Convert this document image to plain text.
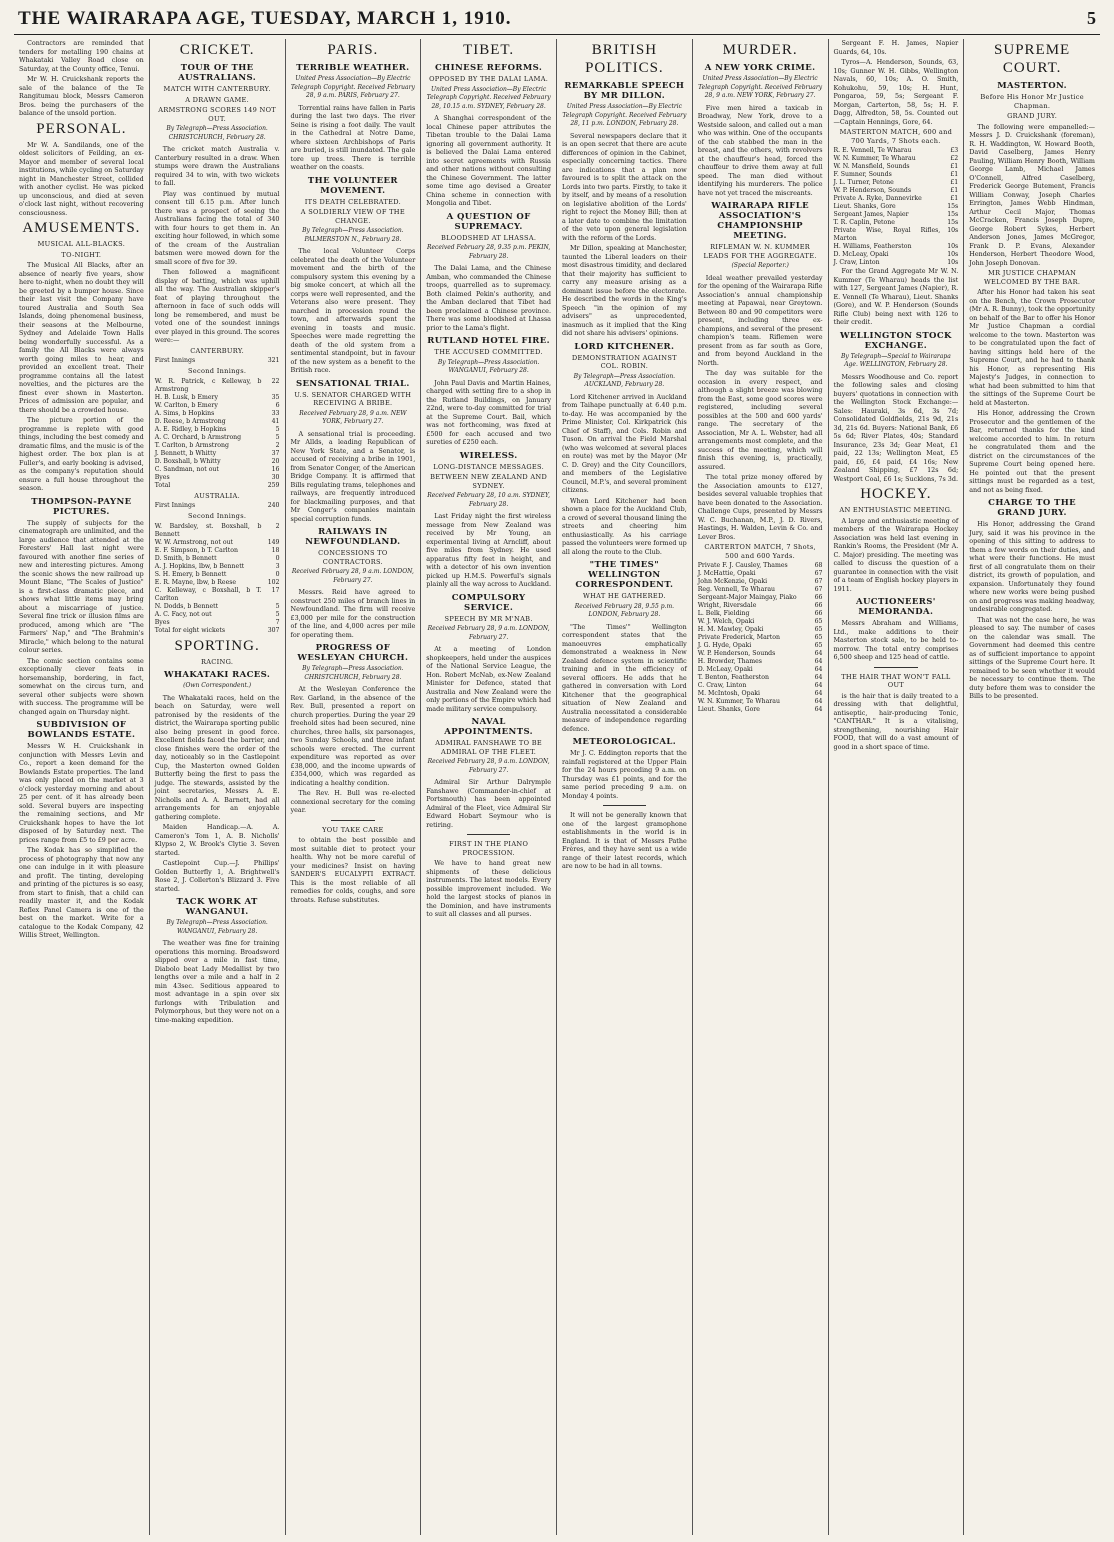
THE WAIRARAPA AGE, TUESDAY, MARCH 1, 1910.	5

Contractors are reminded that tenders for metalling 190 chains at Whakataki Valley Road close on Saturday, at the County office, Tenui.

Mr W. H. Cruickshank reports the sale of the balance of the Te Rangitumau block, Messrs Cameron Bros. being the purchasers of the balance of the unsold portion.

PERSONAL.

Mr W. A. Sandilands, one of the oldest solicitors of Feilding, an ex-Mayor and member of several local institutions, while cycling on Saturday night in Manchester Street, collided with another cyclist. He was picked up unconscious, and died at seven o'clock last night, without recovering consciousness.

AMUSEMENTS.
MUSICAL ALL-BLACKS.
TO-NIGHT.

The Musical All Blacks, after an absence of nearly five years, show here to-night, when no doubt they will be greeted by a bumper house. Since their last visit the Company have toured Australia and South Sea Islands, doing phenomenal business, their seasons at the Melbourne, Sydney and Adelaide Town Halls being wonderfully successful. As a family the All Blacks were always worth going miles to hear, and provided an excellent treat. Their programme contains all the latest novelties, and the pictures are the finest ever shown in Masterton. Prices of admission are popular, and there should be a crowded house.

The picture portion of the programme is replete with good things, including the best comedy and dramatic films, and the music is of the highest order. The box plan is at Fuller's, and early booking is advised, as the company's reputation should ensure a full house throughout the season.

THOMPSON-PAYNE PICTURES.

The supply of subjects for the cinematograph are unlimited, and the large audience that attended at the Foresters' Hall last night were favoured with another fine series of new and interesting pictures. Among the scenic shows the new railroad up Mount Blanc, "The Scales of Justice" is a first-class dramatic piece, and shows what little items may bring about a miscarriage of justice. Several fine trick or illusion films are produced, among which are "The Farmers' Nap," and "The Brahmin's Miracle," which belong to the natural colour series.

The comic section contains some exceptionally clever feats in horsemanship, bordering, in fact, somewhat on the circus turn, and several other subjects were shown with success. The programme will be changed again on Thursday night.

SUBDIVISION OF BOWLANDS ESTATE.

Messrs W. H. Cruickshank in conjunction with Messrs Levin and Co., report a keen demand for the Bowlands Estate properties. The land was only placed on the market at 3 o'clock yesterday morning and about 25 per cent. of it has already been sold. Several buyers are inspecting the remaining sections, and Mr Cruickshank hopes to have the lot disposed of by Saturday next. The prices range from £5 to £9 per acre.

The Kodak has so simplified the process of photography that now any one can indulge in it with pleasure and profit. The tinting, developing and printing of the pictures is so easy, from start to finish, that a child can readily master it, and the Kodak Reflex Panel Camera is one of the best on the market. Write for a catalogue to the Kodak Company, 42 Willis Street, Wellington.

CRICKET.
TOUR OF THE AUSTRALIANS.
MATCH WITH CANTERBURY.
A DRAWN GAME.
ARMSTRONG SCORES 149 NOT OUT.
By Telegraph—Press Association. CHRISTCHURCH, February 28.

The cricket match Australia v. Canterbury resulted in a draw. When stumps were drawn the Australians required 34 to win, with two wickets to fall.

Play was continued by mutual consent till 6.15 p.m. After lunch there was a prospect of seeing the Australians facing the total of 340 with four hours to get them in. An exciting hour followed, in which some of the cream of the Australian batsmen were mowed down for the small score of five for 39.

Then followed a magnificent display of batting, which was uphill all the way. The Australian skipper's feat of playing throughout the afternoon in face of such odds will long be remembered, and must be voted one of the soundest innings ever played in this ground. The scores were:—

CANTERBURY.
First Innings	321
Second Innings.
W. R. Patrick, c Kelleway, b Armstrong
22
H. B. Lusk, b Emery	35
W. Carlton, b Emery	6
A. Sims, b Hopkins	33
D. Reese, b Armstrong	41
A. E. Ridley, b Hopkins	5
A. C. Orchard, b Armstrong	5
T. Carlton, b Armstrong	2
J. Bennett, b Whitty	37
D. Boxshall, b Whitty	20
C. Sandman, not out	16
Byes	30
Total	259
AUSTRALIA.
First Innings	240
Second Innings.
W. Bardsley, st. Boxshall, b Bennett
2
W. W. Armstrong, not out	149
E. F. Simpson, b T. Carlton	18
D. Smith, b Bennett	0
A. J. Hopkins, lbw, b Bennett	3
S. H. Emery, b Bennett	0
E. R. Mayne, lbw, b Reese	102
C. Kelleway, c Boxshall, b T. Carlton
17
N. Dodds, b Bennett	5
A. C. Facy, not out	5
Byes	7
Total for eight wickets	307
SPORTING.
RACING.
WHAKATAKI RACES.
(Own Correspondent.)

The Whakataki races, held on the beach on Saturday, were well patronised by the residents of the district, the Wairarapa sporting public also being present in good force. Excellent fields faced the barrier, and close finishes were the order of the day, noticeably so in the Castlepoint Cup, the Masterton owned Golden Butterfly being the first to pass the judge. The stewards, assisted by the joint secretaries, Messrs A. E. Nicholls and A. A. Barnett, had all arrangements for an enjoyable gathering complete.

Maiden Handicap.—A. A. Cameron's Tom 1, A. B. Nicholls' Klypso 2, W. Brook's Clytie 3. Seven started.

Castlepoint Cup.—J. Phillips' Golden Butterfly 1, A. Brightwell's Rose 2, J. Collerton's Blizzard 3. Five started.

TACK WORK AT WANGANUI.
By Telegraph—Press Association. WANGANUI, February 28.

The weather was fine for training operations this morning. Broadsword slipped over a mile in fast time, Diabolo beat Lady Medallist by two lengths over a mile and a half in 2 min 43sec. Seditious appeared to most advantage in a spin over six furlongs with Tribulation and Polymorphous, but they were not on a time-making expedition.

PARIS.
TERRIBLE WEATHER.
United Press Association—By Electric Telegraph Copyright. Received February 28, 9 a.m. PARIS, February 27.

Torrential rains have fallen in Paris during the last two days. The river Seine is rising a foot daily. The vault in the Cathedral at Notre Dame, where sixteen Archbishops of Paris are buried, is still inundated. The gale tore up trees. There is terrible weather on the coasts.

THE VOLUNTEER MOVEMENT.
ITS DEATH CELEBRATED.
A SOLDIERLY VIEW OF THE CHANGE.
By Telegraph—Press Association. PALMERSTON N., February 28.

The local Volunteer Corps celebrated the death of the Volunteer movement and the birth of the compulsory system this evening by a big smoke concert, at which all the corps were well represented, and the Veterans also were present. They marched in procession round the town, and afterwards spent the evening in toasts and music. Speeches were made regretting the death of the old system from a sentimental standpoint, but in favour of the new system as a benefit to the British race.

SENSATIONAL TRIAL.
U.S. SENATOR CHARGED WITH RECEIVING A BRIBE.
Received February 28, 9 a.m. NEW YORK, February 27.

A sensational trial is proceeding. Mr Allds, a leading Republican of New York State, and a Senator, is accused of receiving a bribe in 1901, from Senator Conger, of the American Bridge Company. It is affirmed that Bills regulating trams, telephones and railways, are frequently introduced for blackmailing purposes, and that Mr Conger's companies maintain special corruption funds.

RAILWAYS IN NEWFOUNDLAND.
CONCESSIONS TO CONTRACTORS.
Received February 28, 9 a.m. LONDON, February 27.

Messrs. Reid have agreed to construct 250 miles of branch lines in Newfoundland. The firm will receive £3,000 per mile for the construction of the line, and 4,000 acres per mile for operating them.

PROGRESS OF WESLEYAN CHURCH.
By Telegraph—Press Association. CHRISTCHURCH, February 28.

At the Wesleyan Conference the Rev. Garland, in the absence of the Rev. Bull, presented a report on church properties. During the year 29 freehold sites had been secured, nine churches, three halls, six parsonages, two Sunday Schools, and three infant schools were erected. The current expenditure was reported as over £38,000, and the income upwards of £354,000, which was regarded as indicating a healthy condition.

The Rev. H. Bull was re-elected connexional secretary for the coming year.

YOU TAKE CARE

to obtain the best possible and most suitable diet to protect your health. Why not be more careful of your medicines? Insist on having SANDER'S EUCALYPTI EXTRACT. This is the most reliable of all remedies for colds, coughs, and sore throats. Refuse substitutes.

TIBET.
CHINESE REFORMS.
OPPOSED BY THE DALAI LAMA.
United Press Association—By Electric Telegraph Copyright. Received February 28, 10.15 a.m. SYDNEY, February 28.

A Shanghai correspondent of the local Chinese paper attributes the Tibetan trouble to the Dalai Lama ignoring all government authority. It is believed the Dalai Lama entered into secret agreements with Russia and other nations without consulting the Chinese Government. The latter some time ago devised a Greater China scheme in connection with Mongolia and Tibet.

A QUESTION OF SUPREMACY.
BLOODSHED AT LHASSA.
Received February 28, 9.35 p.m. PEKIN, February 28.

The Dalai Lama, and the Chinese Amban, who commanded the Chinese troops, quarrelled as to supremacy. Both claimed Pekin's authority, and the Amban declared that Tibet had been proclaimed a Chinese province. There was some bloodshed at Lhassa prior to the Lama's flight.

RUTLAND HOTEL FIRE.
THE ACCUSED COMMITTED.
By Telegraph—Press Association. WANGANUI, February 28.

John Paul Davis and Martin Haines, charged with setting fire to a shop in the Rutland Buildings, on January 22nd, were to-day committed for trial at the Supreme Court. Bail, which was not forthcoming, was fixed at £500 for each accused and two sureties of £250 each.

WIRELESS.
LONG-DISTANCE MESSAGES.
BETWEEN NEW ZEALAND AND SYDNEY.
Received February 28, 10 a.m. SYDNEY, February 28.

Last Friday night the first wireless message from New Zealand was received by Mr Young, an experimental living at Arncliff, about five miles from Sydney. He used apparatus fifty feet in height, and with a detector of his own invention picked up H.M.S. Powerful's signals plainly all the way across to Auckland.

COMPULSORY SERVICE.
SPEECH BY MR M'NAB.
Received February 28, 9 a.m. LONDON, February 27.

At a meeting of London shopkeepers, held under the auspices of the National Service League, the Hon. Robert McNab, ex-New Zealand Minister for Defence, stated that Australia and New Zealand were the only portions of the Empire which had made military service compulsory.

NAVAL APPOINTMENTS.
ADMIRAL FANSHAWE TO BE ADMIRAL OF THE FLEET.
Received February 28, 9 a.m. LONDON, February 27.

Admiral Sir Arthur Dalrymple Fanshawe (Commander-in-chief at Portsmouth) has been appointed Admiral of the Fleet, vice Admiral Sir Edward Hobart Seymour who is retiring.

FIRST IN THE PIANO PROCESSION.

We have to hand great new shipments of these delicious instruments. The latest models. Every possible improvement included. We hold the largest stocks of pianos in the Dominion, and have instruments to suit all classes and all purses.

BRITISH POLITICS.
REMARKABLE SPEECH BY MR DILLON.
United Press Association—By Electric Telegraph Copyright. Received February 28, 11 p.m. LONDON, February 28.

Several newspapers declare that it is an open secret that there are acute differences of opinion in the Cabinet, especially concerning tactics. There are indications that a plan now favoured is to split the attack on the Lords into two parts. Firstly, to take it by itself, and by means of a resolution on legislative abolition of the Lords' right to reject the Money Bill; then at a later date to combine the limitation of the veto upon general legislation with the reform of the Lords.

Mr Dillon, speaking at Manchester, taunted the Liberal leaders on their most disastrous timidity, and declared that their majority has sufficient to carry any measure arising as a dominant issue before the electorate. He described the words in the King's Speech "in the opinion of my advisers" as unprecedented, inasmuch as it implied that the King did not share his advisers' opinions.

LORD KITCHENER.
DEMONSTRATION AGAINST COL. ROBIN.
By Telegraph—Press Association. AUCKLAND, February 28.

Lord Kitchener arrived in Auckland from Taihape punctually at 6.40 p.m. to-day. He was accompanied by the Prime Minister, Col. Kirkpatrick (his Chief of Staff), and Cols. Robin and Tuson. On arrival the Field Marshal (who was welcomed at several places en route) was met by the Mayor (Mr C. D. Grey) and the City Councillors, and members of the Legislative Council, M.P.'s, and several prominent citizens.

When Lord Kitchener had been shown a place for the Auckland Club, a crowd of several thousand lining the streets and cheering him enthusiastically. As his carriage passed the volunteers were formed up all along the route to the Club.

"THE TIMES" WELLINGTON CORRESPONDENT.
WHAT HE GATHERED.
Received February 28, 9.55 p.m. LONDON, February 28.

"The Times'" Wellington correspondent states that the manoeuvres emphatically demonstrated a weakness in New Zealand defence system in scientific training and in the efficiency of several officers. He adds that he gathered in conversation with Lord Kitchener that the geographical situation of New Zealand and Australia necessitated a considerable measure of independence regarding defence.

METEOROLOGICAL.

Mr J. C. Eddington reports that the rainfall registered at the Upper Plain for the 24 hours preceding 9 a.m. on Thursday was £1 points, and for the same period preceding 9 a.m. on Monday 4 points.

It will not be generally known that one of the largest gramophone establishments in the world is in England. It is that of Messrs Pathe Frères, and they have sent us a wide range of their latest records, which are now to be had in all towns.

MURDER.
A NEW YORK CRIME.
United Press Association—By Electric Telegraph Copyright. Received February 28, 9 a.m. NEW YORK, February 27.

Five men hired a taxicab in Broadway, New York, drove to a Westside saloon, and called out a man who was within. One of the occupants of the cab stabbed the man in the breast, and the others, with revolvers at the chauffeur's head, forced the chauffeur to drive them away at full speed. The man died without identifying his murderers. The police have not yet traced the miscreants.

WAIRARAPA RIFLE ASSOCIATION'S CHAMPIONSHIP MEETING.
RIFLEMAN W. N. KUMMER LEADS FOR THE AGGREGATE.
(Special Reporter.)

Ideal weather prevailed yesterday for the opening of the Wairarapa Rifle Association's annual championship meeting at Papawai, near Greytown. Between 80 and 90 competitors were present, including three ex-champions, and several of the present champion's team. Riflemen were present from as far south as Gore, and from beyond Auckland in the North.

The day was suitable for the occasion in every respect, and although a slight breeze was blowing from the East, some good scores were registered, including several possibles at the 500 and 600 yards' range. The secretary of the Association, Mr A. L. Webster, had all arrangements most complete, and the success of the meeting, which will finish this evening, is, practically, assured.

The total prize money offered by the Association amounts to £127, besides several valuable trophies that have been donated to the Association. Challenge Cups, presented by Messrs W. C. Buchanan, M.P., J. D. Rivers, Hastings, H. Walden, Levin & Co. and Lever Bros.

CARTERTON MATCH, 7 Shots, 500 and 600 Yards.
Private F. J. Causley, Thames	68
J. McHattie, Opaki	67
John McKenzie, Opaki	67
Reg. Vennell, Te Wharau	67
Sergeant-Major Maingay, Piako	66
Wright, Riversdale	66
L. Belk, Fielding	66
W. J. Welch, Opaki	65
H. M. Mawley, Opaki	65
Private Frederick, Marton	65
J. G. Hyde, Opaki	65
W. P. Henderson, Sounds	64
H. Browder, Thames	64
D. McLeay, Opaki	64
T. Benton, Featherston	64
C. Craw, Linton	64
M. McIntosh, Opaki	64
W. N. Kummer, Te Wharau	64
Lieut. Shanks, Gore	64

Sergeant F. H. James, Napier Guards, 64, 10s.

Tyros—A. Henderson, Sounds, 63, 10s; Gunner W. H. Gibbs, Wellington Navals, 60, 10s; A. O. Smith, Kohukohu, 59, 10s; H. Hunt, Pongaroa, 59, 5s; Sergeant F. Morgan, Carterton, 58, 5s; H. F. Dagg, Alfredton, 58, 5s. Counted out—Captain Hennings, Gore, 64.

MASTERTON MATCH, 600 and 700 Yards, 7 Shots each.
R. E. Vennell, Te Wharau	£3
W. N. Kummer, Te Wharau	£2
W. N. Mansfield, Sounds	£1
F. Sumner, Sounds	£1
J. L. Turner, Petone	£1
W. P. Henderson, Sounds	£1
Private A. Ryke, Dannevirke	£1
Lieut. Shanks, Gore	15s
Sergeant James, Napier	15s
T. R. Caplin, Petone	15s
Private Wise, Royal Rifles, Marton
10s
H. Williams, Featherston	10s
D. McLeay, Opaki	10s
J. Craw, Linton	10s

For the Grand Aggregate Mr W. N. Kummer (Te Wharau) heads the list with 127, Sergeant James (Napier), R. E. Vennell (Te Wharau), Lieut. Shanks (Gore), and W. P. Henderson (Sounds Rifle Club) being next with 126 to their credit.

WELLINGTON STOCK EXCHANGE.
By Telegraph—Special to Wairarapa Age. WELLINGTON, February 28.

Messrs Woodhouse and Co. report the following sales and closing buyers' quotations in connection with the Wellington Stock Exchange:— Sales: Hauraki, 3s 6d, 3s 7d; Consolidated Goldfields, 21s 9d, 21s 3d, 21s 6d. Buyers: National Bank, £6 5s 6d; River Plates, 40s; Standard Insurance, 23s 3d; Gear Meat, £1 paid, 22 13s; Wellington Meat, £5 paid, £6, £4 paid, £4 16s; New Zealand Shipping, £7 12s 6d; Westport Coal, £6 1s; Sucklons, 7s 3d.

HOCKEY.
AN ENTHUSIASTIC MEETING.

A large and enthusiastic meeting of members of the Wairarapa Hockey Association was held last evening in Rankin's Rooms, the President (Mr A. C. Major) presiding. The meeting was called to discuss the question of a guarantee in connection with the visit of a team of English hockey players in 1911.

AUCTIONEERS' MEMORANDA.

Messrs Abraham and Williams, Ltd., make additions to their Masterton stock sale, to be held to-morrow. The total entry comprises 6,500 sheep and 125 head of cattle.

THE HAIR THAT WON'T FALL OUT

is the hair that is daily treated to a dressing with that delightful, antiseptic, hair-producing Tonic, "CANTHAR." It is a vitalising, strengthening, nourishing Hair FOOD, that will do a vast amount of good in a short space of time.

SUPREME COURT.
MASTERTON.
Before His Honor Mr Justice Chapman.
GRAND JURY.

The following were empanelled:— Messrs J. D. Cruickshank (foreman), R. H. Waddington, W. Howard Booth, David Caselberg, James Henry Pauling, William Henry Booth, William George Lamb, Michael James O'Connell, Alfred Caselberg, Frederick George Butement, Francis William Conway, Joseph Charles Errington, James Webb Hindman, Arthur Cecil Major, Thomas McCracken, Francis Joseph Dupre, George Robert Sykes, Herbert Anderson Jones, James McGregor, Frank D. P. Evans, Alexander Henderson, Herbert Theodore Wood, John Joseph Donovan.

MR JUSTICE CHAPMAN WELCOMED BY THE BAR.

After his Honor had taken his seat on the Bench, the Crown Prosecutor (Mr A. R. Bunny), took the opportunity on behalf of the Bar to offer his Honor Mr Justice Chapman a cordial welcome to the town. Masterton was to be congratulated upon the fact of having sittings held here of the Supreme Court, and he had to thank his Honor, as representing His Majesty's Judges, in connection to what had been submitted to him that the sittings of the Supreme Court be held at Masterton.

His Honor, addressing the Crown Prosecutor and the gentlemen of the Bar, returned thanks for the kind welcome accorded to him. In return he congratulated them and the district on the circumstances of the Supreme Court being opened here. He pointed out that the present sittings must be regarded as a test, and not as being fixed.

CHARGE TO THE GRAND JURY.

His Honor, addressing the Grand Jury, said it was his province in the opening of this sitting to address to them a few words on their duties, and what were their functions. He must first of all congratulate them on their district, its growth of population, and expansion. Unfortunately they found where new works were being pushed on and progress was making headway, undesirable congregated.

That was not the case here, he was pleased to say. The number of cases on the calendar was small. The Government had deemed this centre as of sufficient importance to appoint sittings of the Supreme Court here. It remained to be seen whether it would be necessary to continue them. The duty before them was to consider the Bills to be presented.
